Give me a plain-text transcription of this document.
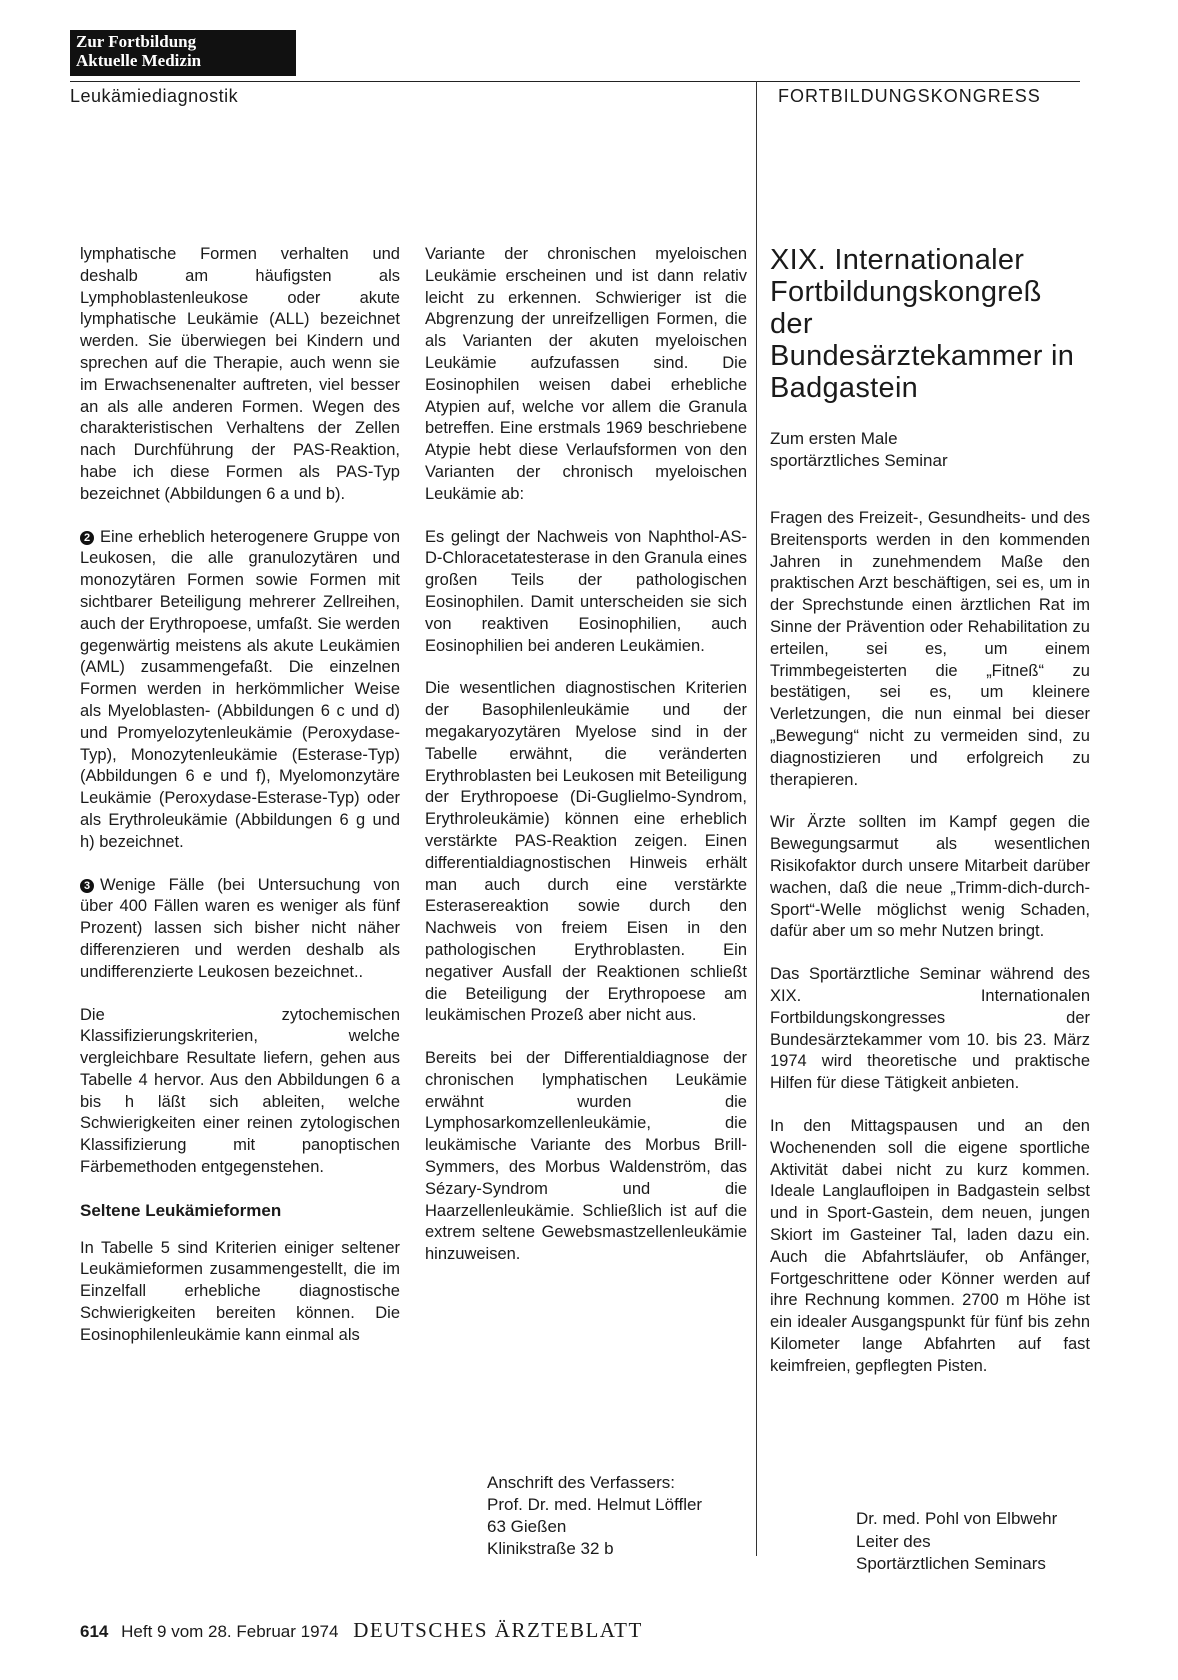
Zur Fortbildung
Aktuelle Medizin
Leukämiediagnostik	FORTBILDUNGSKONGRESS

lymphatische Formen verhalten und deshalb am häufigsten als Lymphoblastenleukose oder akute lymphatische Leukämie (ALL) bezeichnet werden. Sie überwiegen bei Kindern und sprechen auf die Therapie, auch wenn sie im Erwachsenenalter auftreten, viel besser an als alle anderen Formen. Wegen des charakteristischen Verhaltens der Zellen nach Durchführung der PAS-Reaktion, habe ich diese Formen als PAS-Typ bezeichnet (Abbildungen 6 a und b).

2 Eine erheblich heterogenere Gruppe von Leukosen, die alle granulozytären und monozytären Formen sowie Formen mit sichtbarer Beteiligung mehrerer Zellreihen, auch der Erythropoese, umfaßt. Sie werden gegenwärtig meistens als akute Leukämien (AML) zusammengefaßt. Die einzelnen Formen werden in herkömmlicher Weise als Myeloblasten- (Abbildungen 6 c und d) und Promyelozytenleukämie (Peroxydase-Typ), Monozytenleukämie (Esterase-Typ) (Abbildungen 6 e und f), Myelomonzytäre Leukämie (Peroxydase-Esterase-Typ) oder als Erythroleukämie (Abbildungen 6 g und h) bezeichnet.

3 Wenige Fälle (bei Untersuchung von über 400 Fällen waren es weniger als fünf Prozent) lassen sich bisher nicht näher differenzieren und werden deshalb als undifferenzierte Leukosen bezeichnet..

Die zytochemischen Klassifizierungskriterien, welche vergleichbare Resultate liefern, gehen aus Tabelle 4 hervor. Aus den Abbildungen 6 a bis h läßt sich ableiten, welche Schwierigkeiten einer reinen zytologischen Klassifizierung mit panoptischen Färbemethoden entgegenstehen.

Seltene Leukämieformen

In Tabelle 5 sind Kriterien einiger seltener Leukämieformen zusammengestellt, die im Einzelfall erhebliche diagnostische Schwierigkeiten bereiten können. Die Eosinophilenleukämie kann einmal als

Variante der chronischen myeloischen Leukämie erscheinen und ist dann relativ leicht zu erkennen. Schwieriger ist die Abgrenzung der unreifzelligen Formen, die als Varianten der akuten myeloischen Leukämie aufzufassen sind. Die Eosinophilen weisen dabei erhebliche Atypien auf, welche vor allem die Granula betreffen. Eine erstmals 1969 beschriebene Atypie hebt diese Verlaufsformen von den Varianten der chronisch myeloischen Leukämie ab:

Es gelingt der Nachweis von Naphthol-AS-D-Chloracetatesterase in den Granula eines großen Teils der pathologischen Eosinophilen. Damit unterscheiden sie sich von reaktiven Eosinophilien, auch Eosinophilien bei anderen Leukämien.

Die wesentlichen diagnostischen Kriterien der Basophilenleukämie und der megakaryozytären Myelose sind in der Tabelle erwähnt, die veränderten Erythroblasten bei Leukosen mit Beteiligung der Erythropoese (Di-Guglielmo-Syndrom, Erythroleukämie) können eine erheblich verstärkte PAS-Reaktion zeigen. Einen differentialdiagnostischen Hinweis erhält man auch durch eine verstärkte Esterasereaktion sowie durch den Nachweis von freiem Eisen in den pathologischen Erythroblasten. Ein negativer Ausfall der Reaktionen schließt die Beteiligung der Erythropoese am leukämischen Prozeß aber nicht aus.

Bereits bei der Differentialdiagnose der chronischen lymphatischen Leukämie erwähnt wurden die Lymphosarkomzellenleukämie, die leukämische Variante des Morbus Brill-Symmers, des Morbus Waldenström, das Sézary-Syndrom und die Haarzellenleukämie. Schließlich ist auf die extrem seltene Gewebsmastzellenleukämie hinzuweisen.

Anschrift des Verfassers:
Prof. Dr. med. Helmut Löffler
63 Gießen
Klinikstraße 32 b

XIX. Internationaler Fortbildungskongreß der Bundesärztekammer in Badgastein

Zum ersten Male
sportärztliches Seminar

Fragen des Freizeit-, Gesundheits- und des Breitensports werden in den kommenden Jahren in zunehmendem Maße den praktischen Arzt beschäftigen, sei es, um in der Sprechstunde einen ärztlichen Rat im Sinne der Prävention oder Rehabilitation zu erteilen, sei es, um einem Trimmbegeisterten die „Fitneß“ zu bestätigen, sei es, um kleinere Verletzungen, die nun einmal bei dieser „Bewegung“ nicht zu vermeiden sind, zu diagnostizieren und erfolgreich zu therapieren.

Wir Ärzte sollten im Kampf gegen die Bewegungsarmut als wesentlichen Risikofaktor durch unsere Mitarbeit darüber wachen, daß die neue „Trimm-dich-durch-Sport“-Welle möglichst wenig Schaden, dafür aber um so mehr Nutzen bringt.

Das Sportärztliche Seminar während des XIX. Internationalen Fortbildungskongresses der Bundesärztekammer vom 10. bis 23. März 1974 wird theoretische und praktische Hilfen für diese Tätigkeit anbieten.

In den Mittagspausen und an den Wochenenden soll die eigene sportliche Aktivität dabei nicht zu kurz kommen. Ideale Langlaufloipen in Badgastein selbst und in Sport-Gastein, dem neuen, jungen Skiort im Gasteiner Tal, laden dazu ein. Auch die Abfahrtsläufer, ob Anfänger, Fortgeschrittene oder Könner werden auf ihre Rechnung kommen. 2700 m Höhe ist ein idealer Ausgangspunkt für fünf bis zehn Kilometer lange Abfahrten auf fast keimfreien, gepflegten Pisten.

Dr. med. Pohl von Elbwehr
Leiter des
Sportärztlichen Seminars
614 Heft 9 vom 28. Februar 1974 DEUTSCHES ÄRZTEBLATT
